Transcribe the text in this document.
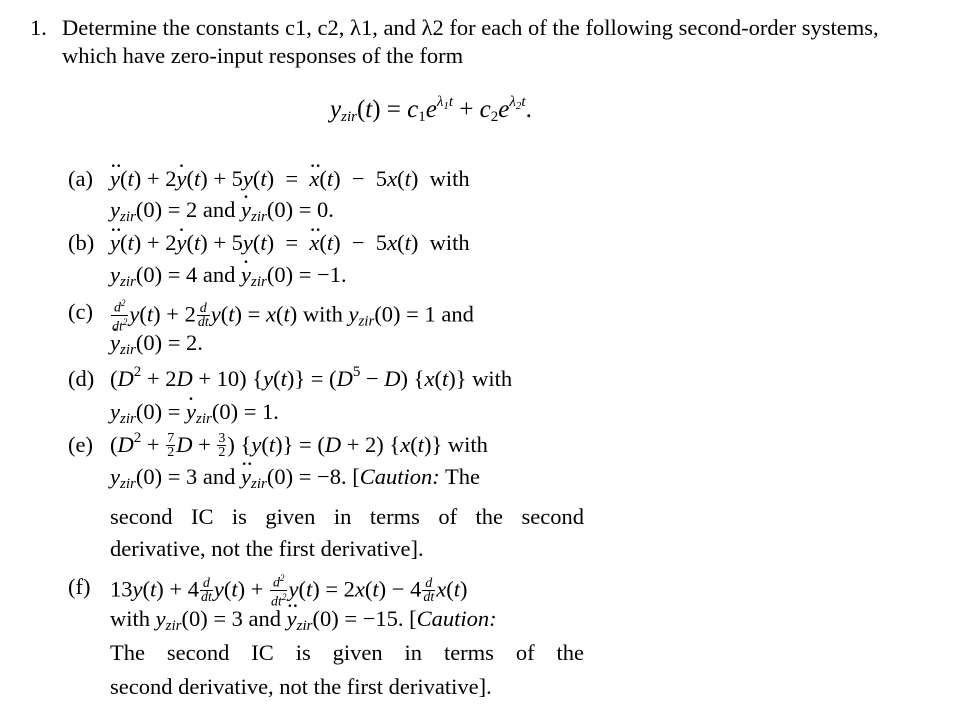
1. Determine the constants c1, c2, λ1, and λ2 for each of the following second-order systems,
which have zero-input responses of the form
$y_{zir}(t) = c_1e^{\lambda_1t} + c_2e^{\lambda_2t}$.
(a) ·· y(t) + 2· y(t) + 5y(t)  =  ·· x(t)  −  5x(t)  with
$y_{zir}(0) = 2$ and · $y_{zir}(0) = 0$.
(b) ·· y(t) + 2· y(t) + 5y(t)  =  ·· x(t)  −  5x(t)  with
$y_{zir}(0) = 4$ and · $y_{zir}(0) = -1$.
$(c) \frac{d^2}{dt^2} y(t) + 2 \frac{d}{dt} y(t) = x(t)$ with $y_{zir}(0) = 1$ and
· $y_{zir}(0) = 2$.
(d) $(D^2 + 2D + 10) \{y(t)\} = (D^5 - D)$ {x(t)} with
$y_{zir}(0)$ = · $y_{zir}(0) = 1$.
(e) ($D^2 + \frac{7}{2}$ $D + \frac{3}{2}$ ) {y(t)} = (D + 2) {x(t)} with
$y_{zir}(0) = 3$ and ·· $y_{zir}(0) = -8$. [Caution: The
second IC is given in terms of the second
derivative, not the first derivative].
(f) $13y(t) + 4 \frac{d}{dt} y(t) + \frac{d^2}{dt^2} y(t) = 2x(t) - 4 \frac{d}{dt} x(t)$
with $y_{zir}(0) = 3$ and ·· $y_{zir}(0) = -15$. [Caution:
The second IC is given in terms of the
second derivative, not the first derivative].
